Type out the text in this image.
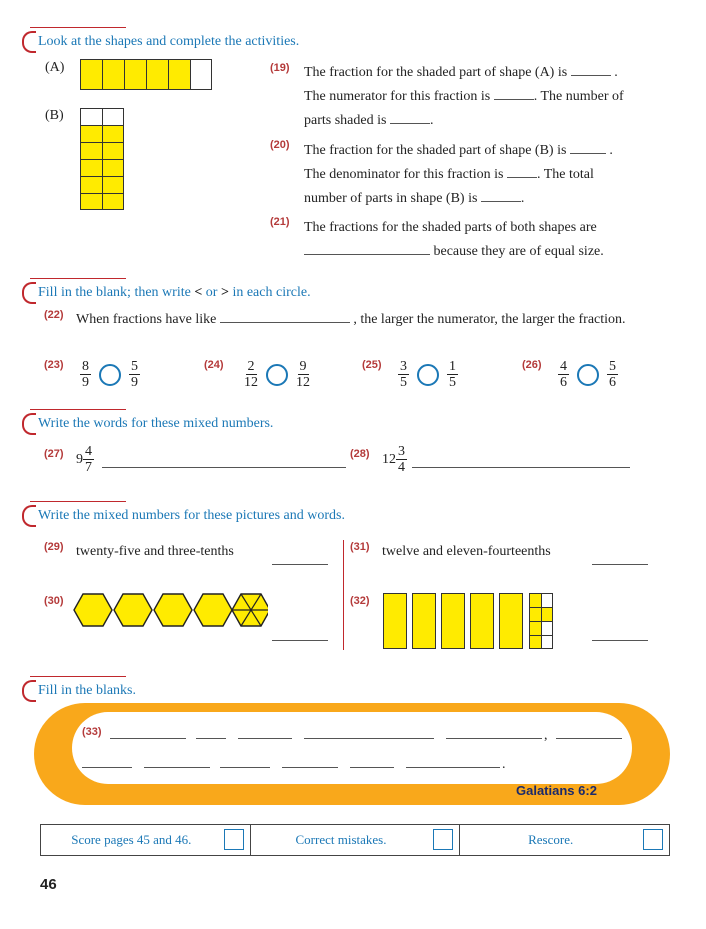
Look at the shapes and complete the activities.
(A)
(B)
(19) The fraction for the shaded part of shape (A) is	.
The numerator for this fraction is	. The number of
parts shaded is	.
(20) The fraction for the shaded part of shape (B) is	.
The denominator for this fraction is . The total
number of parts in shape (B) is	.
(21) The fractions for the shaded parts of both shapes are
because they are of equal size.
Fill in the blank; then write < or > in each circle.
(22) When fractions have like	, the larger the numerator, the larger the fraction.
$(23) \frac{8}{9}$	$\frac{5}{9}$	$(24) \frac{2}{12} \frac{9}{12}$	$(25) \frac{3}{5}$	$\frac{1}{5}$	$(26) \frac{4}{6}$	$\frac{5}{6}$
Write the words for these mixed numbers.
(27) $9 \frac{4}{7}$	(28) $12 \frac{3}{4}$
Write the mixed numbers for these pictures and words.
(29) twenty-five and three-tenths	(31) twelve and eleven-fourteenths
(30)	(32)
Fill in the blanks.
(33)	,
.
Galatians 6:2
Score pages 45 and 46.	Correct mistakes.	Rescore.
46
